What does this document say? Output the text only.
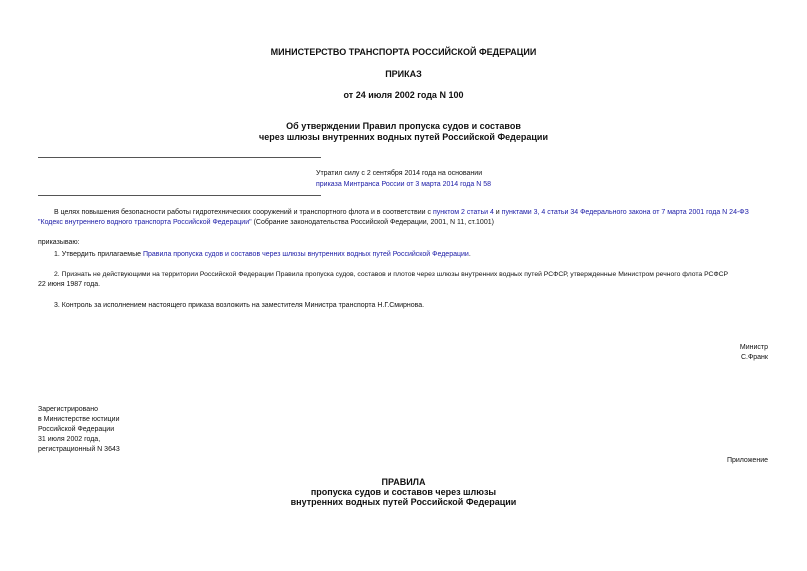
МИНИСТЕРСТВО ТРАНСПОРТА РОССИЙСКОЙ ФЕДЕРАЦИИ
ПРИКАЗ
от 24 июля 2002 года N 100
Об утверждении Правил пропуска судов и составов
через шлюзы внутренних водных путей Российской Федерации
Утратил силу с 2 сентября 2014 года на основании
приказа Минтранса России от 3 марта 2014 года N 58
В целях повышения безопасности работы гидротехнических сооружений и транспортного флота и в соответствии с пунктом 2 статьи 4 и пунктами 3, 4 статьи 34 Федерального закона от 7 марта 2001 года N 24-ФЗ
"Кодекс внутреннего водного транспорта Российской Федерации" (Собрание законодательства Российской Федерации, 2001, N 11, ст.1001)
приказываю:
1. Утвердить прилагаемые Правила пропуска судов и составов через шлюзы внутренних водных путей Российской Федерации.
2. Признать не действующими на территории Российской Федерации Правила пропуска судов, составов и плотов через шлюзы внутренних водных путей РСФСР, утвержденные Министром речного флота РСФСР
22 июня 1987 года.
3. Контроль за исполнением настоящего приказа возложить на заместителя Министра транспорта Н.Г.Смирнова.
Министр
С.Франк
Зарегистрировано
в Министерстве юстиции
Российской Федерации
31 июля 2002 года,
регистрационный N 3643
Приложение
ПРАВИЛА
пропуска судов и составов через шлюзы
внутренних водных путей Российской Федерации
